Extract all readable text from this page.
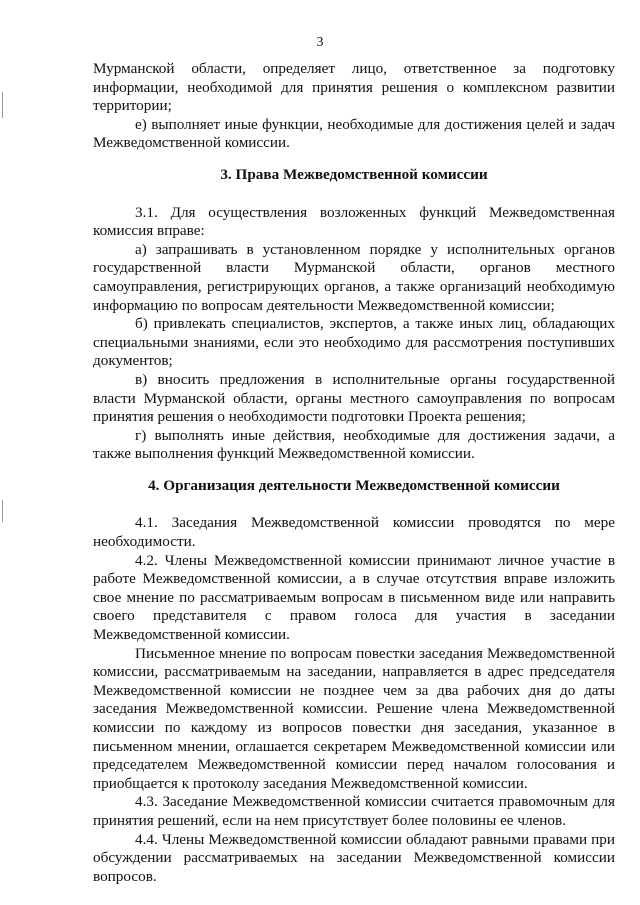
3

Мурманской области, определяет лицо, ответственное за подготовку информации, необходимой для принятия решения о комплексном развитии территории;

е) выполняет иные функции, необходимые для достижения целей и задач Межведомственной комиссии.

3. Права Межведомственной комиссии

3.1. Для осуществления возложенных функций Межведомственная комиссия вправе:

а) запрашивать в установленном порядке у исполнительных органов государственной власти Мурманской области, органов местного самоуправления, регистрирующих органов, а также организаций необходимую информацию по вопросам деятельности Межведомственной комиссии;

б) привлекать специалистов, экспертов, а также иных лиц, обладающих специальными знаниями, если это необходимо для рассмотрения поступивших документов;

в) вносить предложения в исполнительные органы государственной власти Мурманской области, органы местного самоуправления по вопросам принятия решения о необходимости подготовки Проекта решения;

г) выполнять иные действия, необходимые для достижения задачи, а также выполнения функций Межведомственной комиссии.

4. Организация деятельности Межведомственной комиссии

4.1. Заседания Межведомственной комиссии проводятся по мере необходимости.

4.2. Члены Межведомственной комиссии принимают личное участие в работе Межведомственной комиссии, а в случае отсутствия вправе изложить свое мнение по рассматриваемым вопросам в письменном виде или направить своего представителя с правом голоса для участия в заседании Межведомственной комиссии.

Письменное мнение по вопросам повестки заседания Межведомственной комиссии, рассматриваемым на заседании, направляется в адрес председателя Межведомственной комиссии не позднее чем за два рабочих дня до даты заседания Межведомственной комиссии. Решение члена Межведомственной комиссии по каждому из вопросов повестки дня заседания, указанное в письменном мнении, оглашается секретарем Межведомственной комиссии или председателем Межведомственной комиссии перед началом голосования и приобщается к протоколу заседания Межведомственной комиссии.

4.3. Заседание Межведомственной комиссии считается правомочным для принятия решений, если на нем присутствует более половины ее членов.

4.4. Члены Межведомственной комиссии обладают равными правами при обсуждении рассматриваемых на заседании Межведомственной комиссии вопросов.
